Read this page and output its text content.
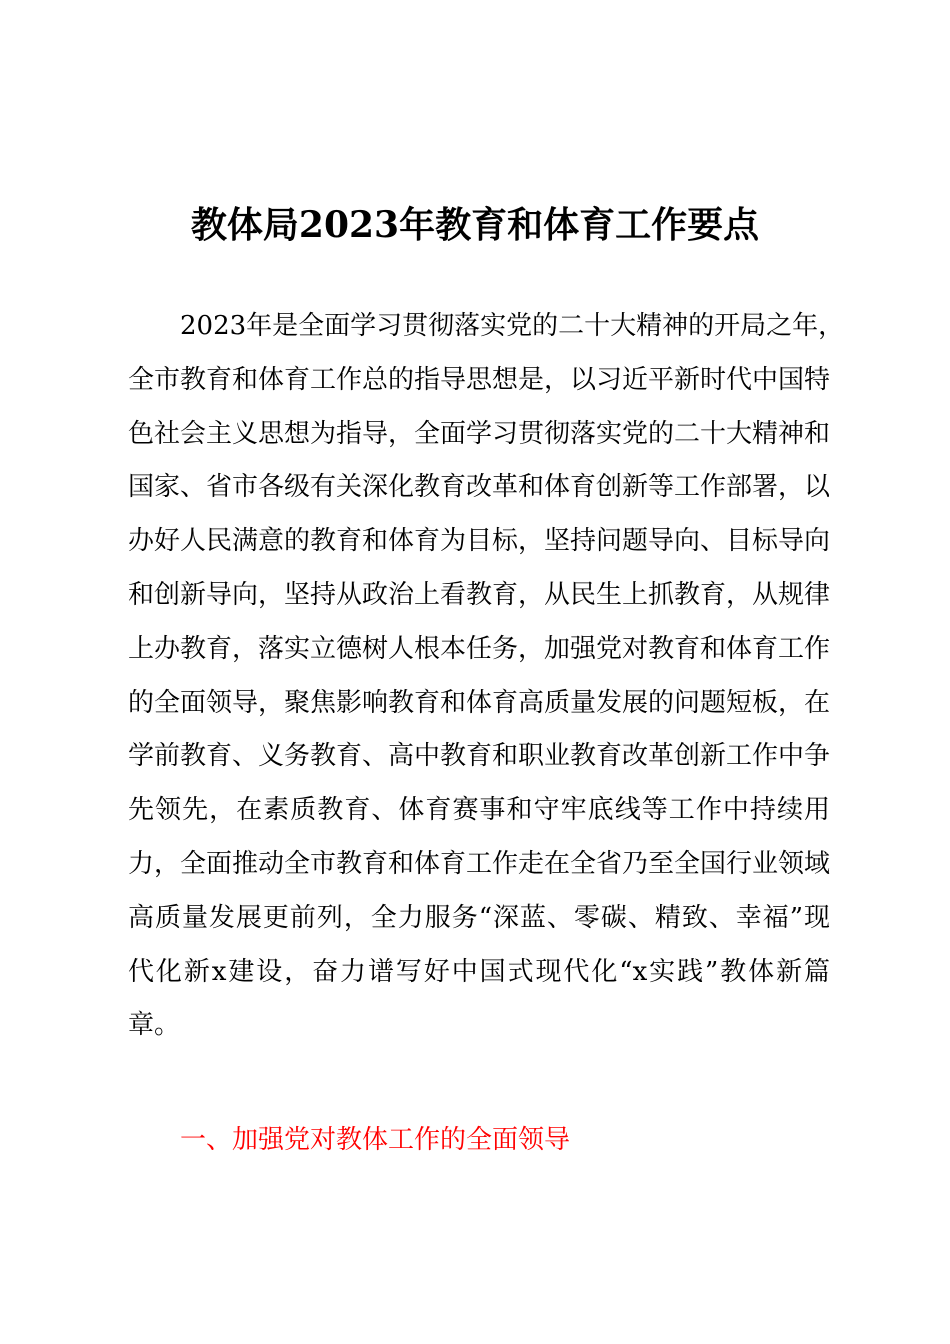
教体局2023年教育和体育工作要点
2023年是全面学习贯彻落实党的二十大精神的开局之年，
全市教育和体育工作总的指导思想是，以习近平新时代中国特
色社会主义思想为指导，全面学习贯彻落实党的二十大精神和
国家、省市各级有关深化教育改革和体育创新等工作部署，以
办好人民满意的教育和体育为目标，坚持问题导向、目标导向
和创新导向，坚持从政治上看教育，从民生上抓教育，从规律
上办教育，落实立德树人根本任务，加强党对教育和体育工作
的全面领导，聚焦影响教育和体育高质量发展的问题短板，在
学前教育、义务教育、高中教育和职业教育改革创新工作中争
先领先，在素质教育、体育赛事和守牢底线等工作中持续用
力，全面推动全市教育和体育工作走在全省乃至全国行业领域
高质量发展更前列，全力服务“深蓝、零碳、精致、幸福”现
代化新x建设，奋力谱写好中国式现代化“x实践”教体新篇
章。
一、加强党对教体工作的全面领导
